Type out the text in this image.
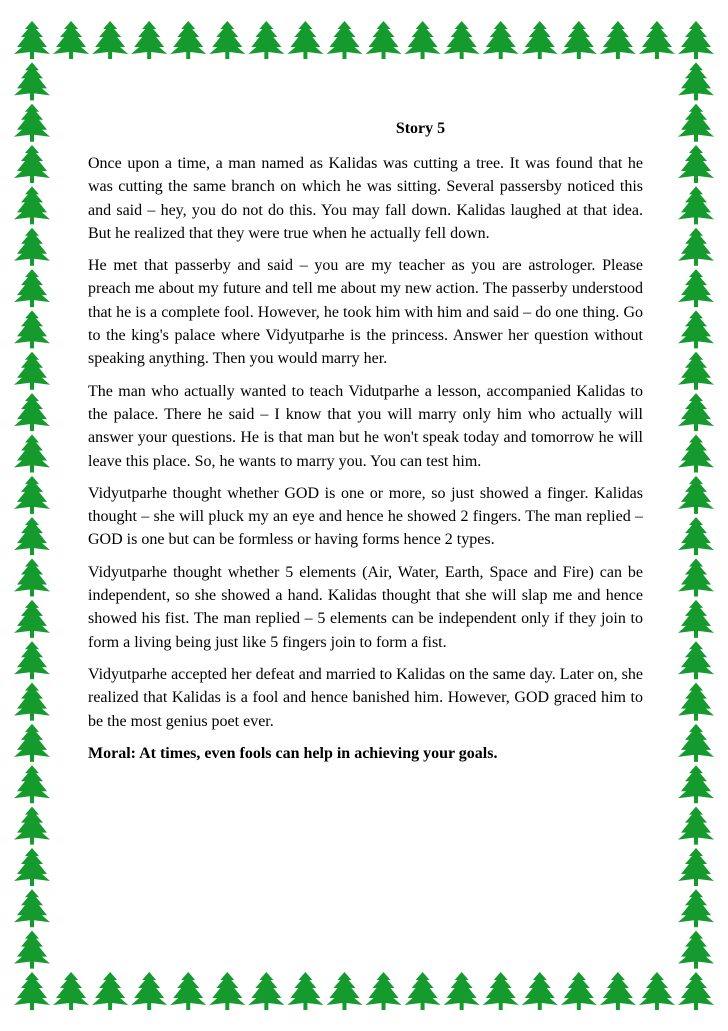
Story 5

Once upon a time, a man named as Kalidas was cutting a tree. It was found that he was cutting the same branch on which he was sitting. Several passersby noticed this and said – hey, you do not do this. You may fall down. Kalidas laughed at that idea. But he realized that they were true when he actually fell down.

He met that passerby and said – you are my teacher as you are astrologer. Please preach me about my future and tell me about my new action. The passerby understood that he is a complete fool. However, he took him with him and said – do one thing. Go to the king's palace where Vidyutparhe is the princess. Answer her question without speaking anything. Then you would marry her.

The man who actually wanted to teach Vidutparhe a lesson, accompanied Kalidas to the palace. There he said – I know that you will marry only him who actually will answer your questions. He is that man but he won't speak today and tomorrow he will leave this place. So, he wants to marry you. You can test him.

Vidyutparhe thought whether GOD is one or more, so just showed a finger. Kalidas thought – she will pluck my an eye and hence he showed 2 fingers. The man replied – GOD is one but can be formless or having forms hence 2 types.

Vidyutparhe thought whether 5 elements (Air, Water, Earth, Space and Fire) can be independent, so she showed a hand. Kalidas thought that she will slap me and hence showed his fist. The man replied – 5 elements can be independent only if they join to form a living being just like 5 fingers join to form a fist.

Vidyutparhe accepted her defeat and married to Kalidas on the same day. Later on, she realized that Kalidas is a fool and hence banished him. However, GOD graced him to be the most genius poet ever.

Moral: At times, even fools can help in achieving your goals.
